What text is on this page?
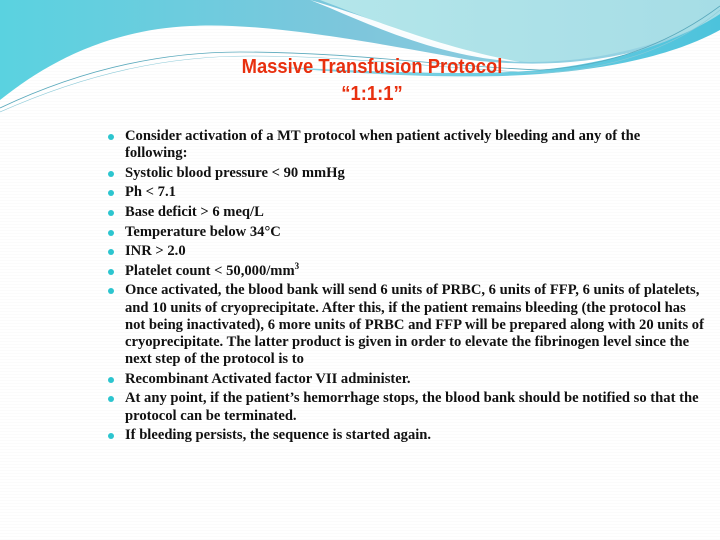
Massive Transfusion Protocol
“1:1:1”
Consider activation of a MT protocol when patient actively bleeding and any of the following:
Systolic blood pressure < 90 mmHg
Ph < 7.1
Base deficit > 6 meq/L
Temperature below 34°C
INR > 2.0
Platelet count < $50,000/mm^3$
Once activated, the blood bank will send 6 units of PRBC, 6 units of FFP, 6 units of platelets, and 10 units of cryoprecipitate. After this, if the patient remains bleeding (the protocol has not being inactivated), 6 more units of PRBC and FFP will be prepared along with 20 units of cryoprecipitate. The latter product is given in order to elevate the fibrinogen level since the next step of the protocol is to
Recombinant Activated factor VII administer.
At any point, if the patient’s hemorrhage stops, the blood bank should be notified so that the protocol can be terminated.
If bleeding persists, the sequence is started again.
